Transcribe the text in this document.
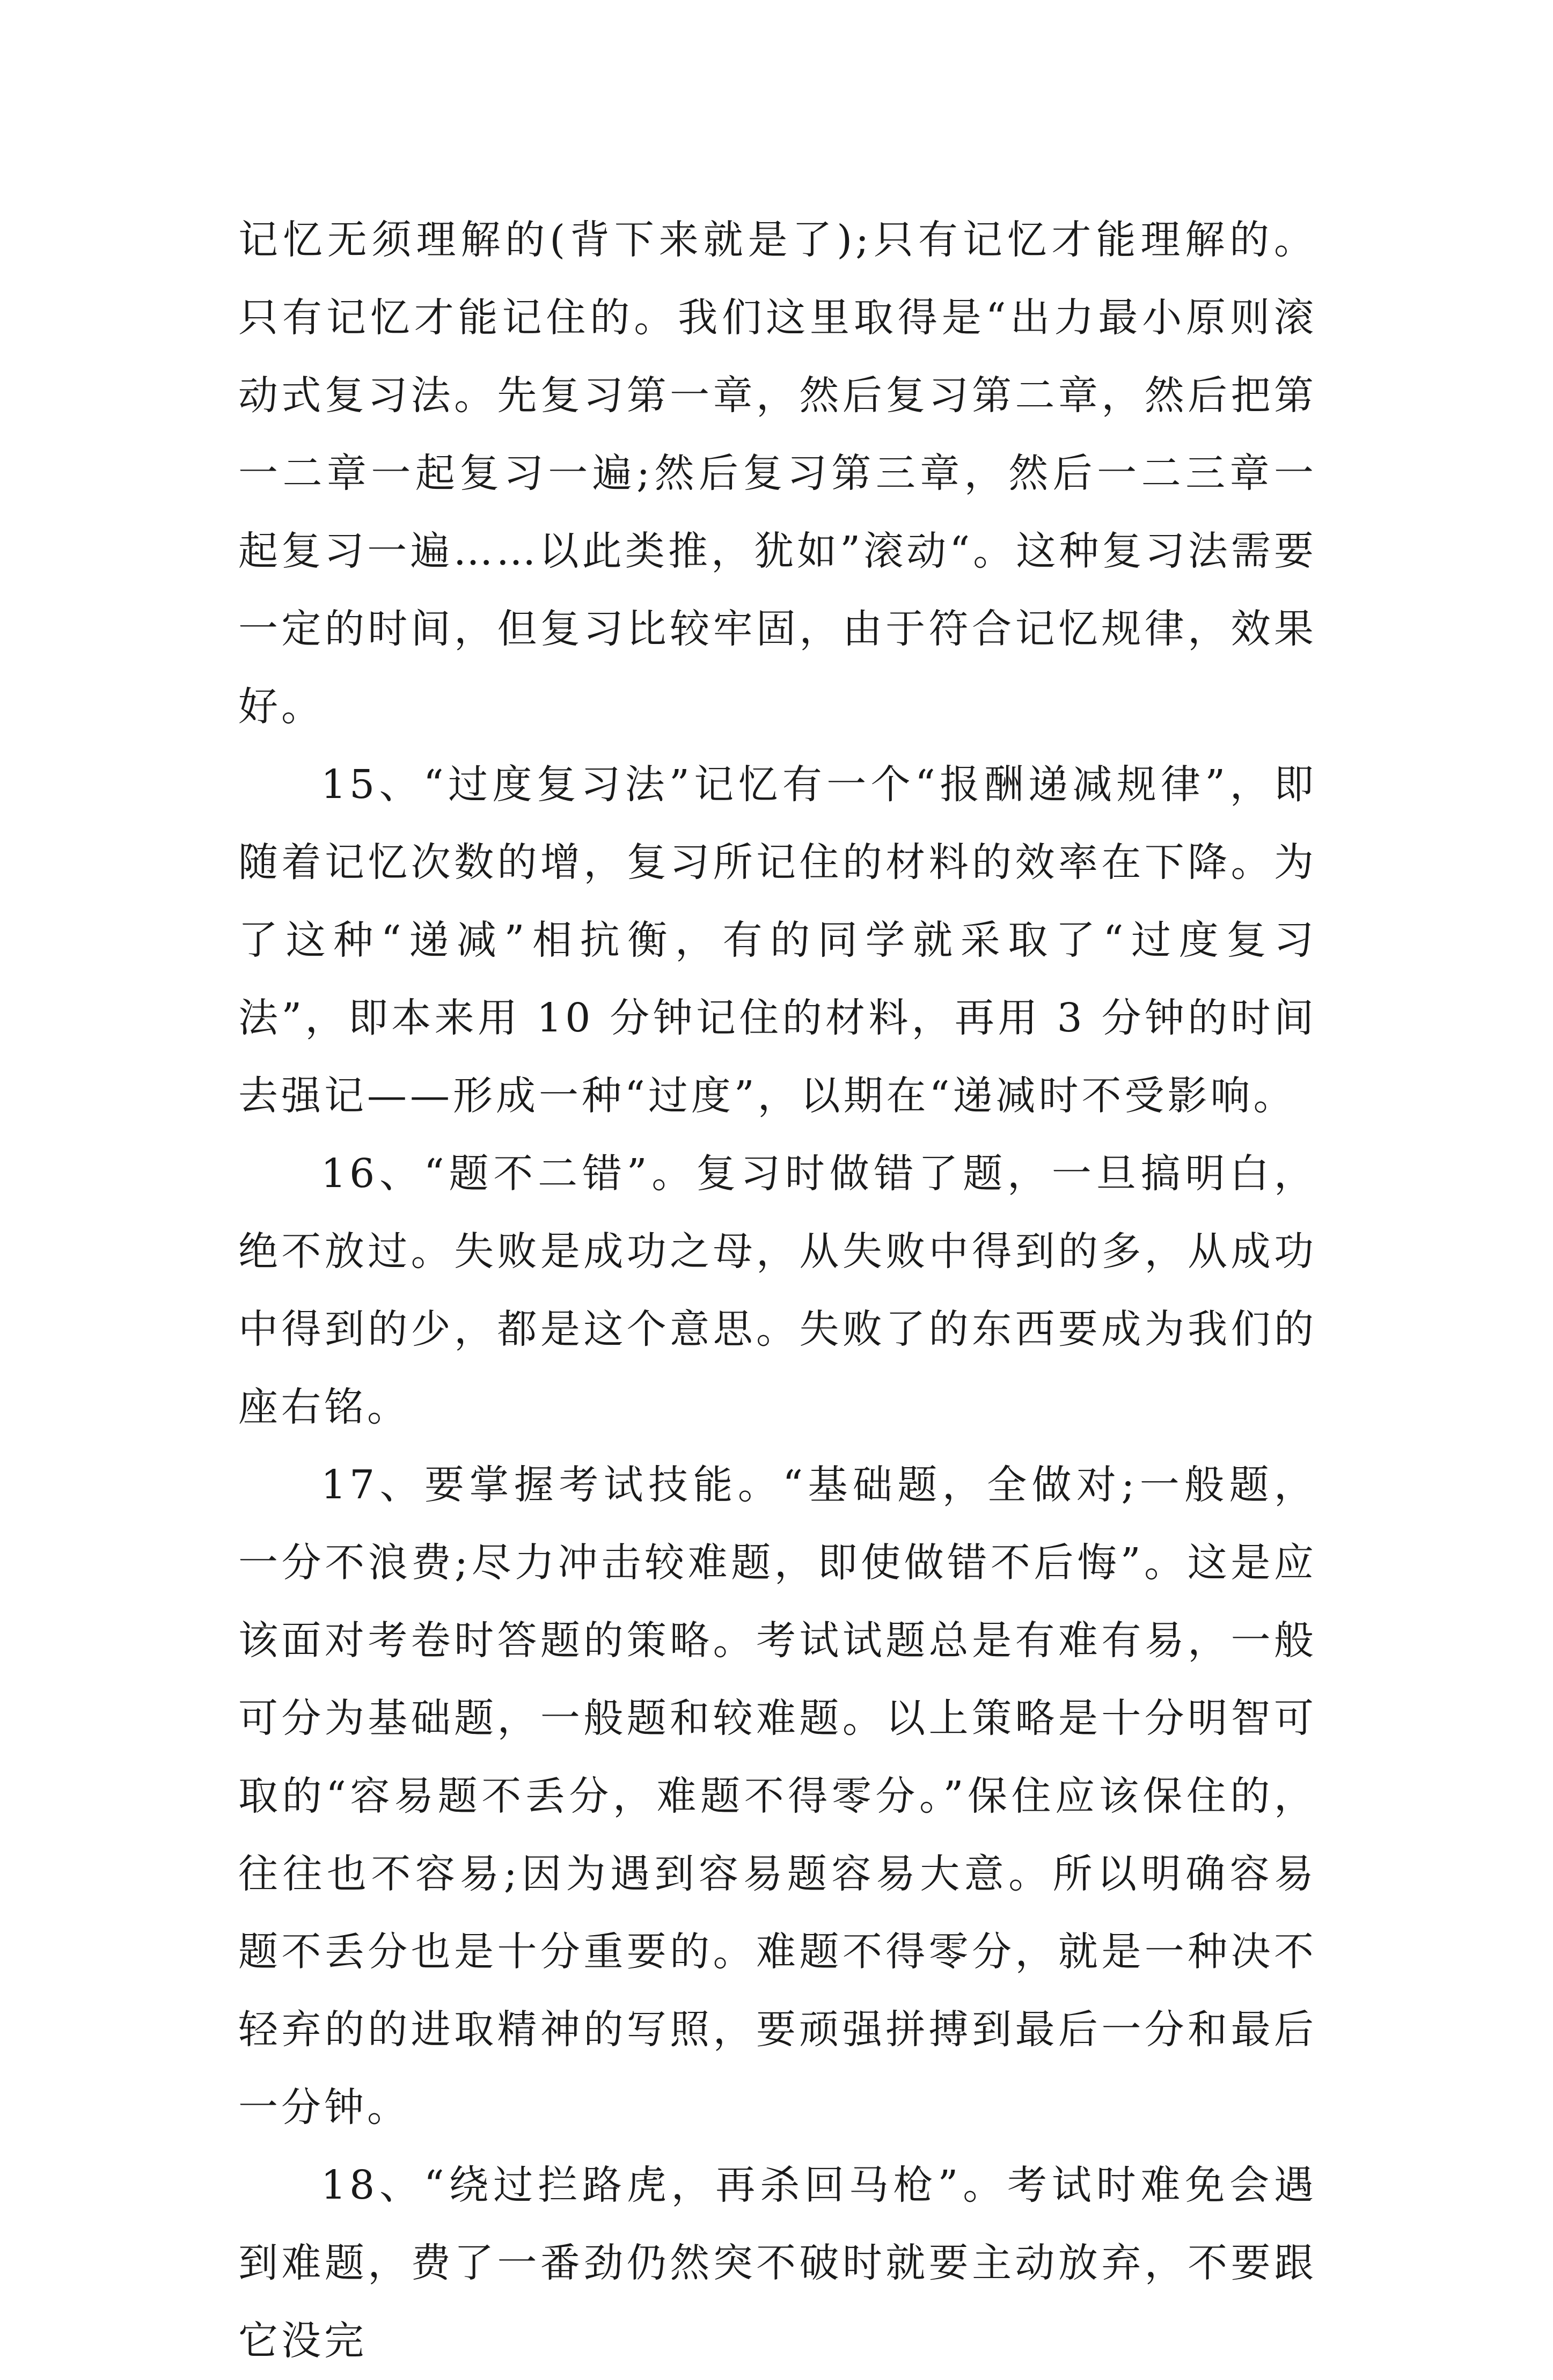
记忆无须理解的(背下来就是了);只有记忆才能理解的。只有记忆才能记住的。我们这里取得是“出力最小原则滚动式复习法。先复习第一章，然后复习第二章，然后把第一二章一起复习一遍;然后复习第三章，然后一二三章一起复习一遍……以此类推，犹如”滚动“。这种复习法需要一定的时间，但复习比较牢固，由于符合记忆规律，效果好。

15、“过度复习法”记忆有一个“报酬递减规律”，即随着记忆次数的增，复习所记住的材料的效率在下降。为了这种“递减”相抗衡，有的同学就采取了“过度复习法”，即本来用 10 分钟记住的材料，再用 3 分钟的时间去强记——形成一种“过度”，以期在“递减时不受影响。

16、“题不二错”。复习时做错了题，一旦搞明白，绝不放过。失败是成功之母，从失败中得到的多，从成功中得到的少，都是这个意思。失败了的东西要成为我们的座右铭。

17、要掌握考试技能。“基础题，全做对;一般题，一分不浪费;尽力冲击较难题，即使做错不后悔”。这是应该面对考卷时答题的策略。考试试题总是有难有易，一般可分为基础题，一般题和较难题。以上策略是十分明智可取的“容易题不丢分，难题不得零分。”保住应该保住的，往往也不容易;因为遇到容易题容易大意。所以明确容易题不丢分也是十分重要的。难题不得零分，就是一种决不轻弃的的进取精神的写照，要顽强拼搏到最后一分和最后一分钟。

18、“绕过拦路虎，再杀回马枪”。考试时难免会遇到难题，费了一番劲仍然突不破时就要主动放弃，不要跟它没完
